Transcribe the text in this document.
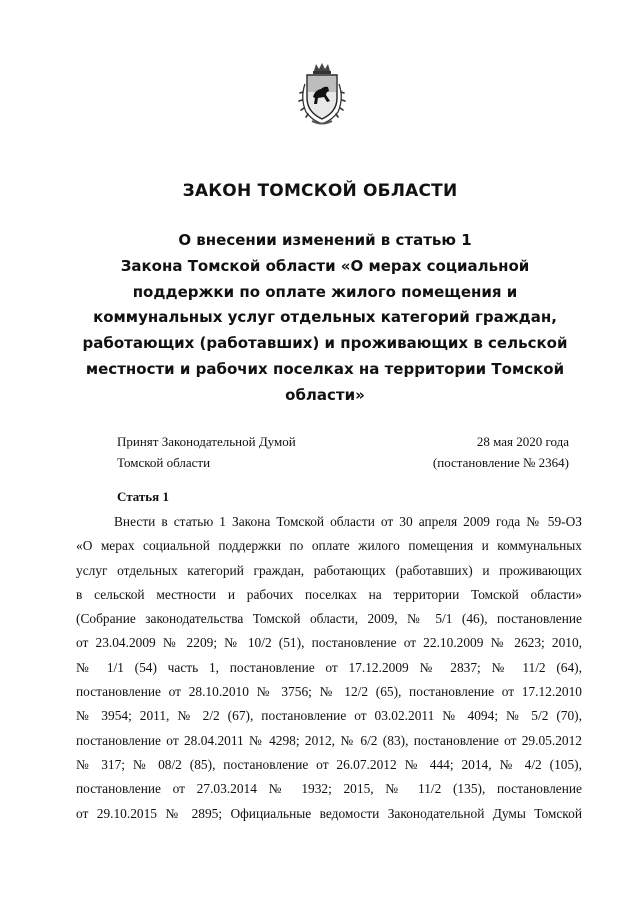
ЗАКОН ТОМСКОЙ ОБЛАСТИ
О внесении изменений в статью 1
Закона Томской области «О мерах социальной
поддержки по оплате жилого помещения и
коммунальных услуг отдельных категорий граждан,
работающих (работавших) и проживающих в сельской
местности и рабочих поселках на территории Томской
области»
Принят Законодательной Думой
Томской области
28 мая 2020 года
(постановление № 2364)
Статья 1

Внести в статью 1 Закона Томской области от 30 апреля 2009 года № 59-ОЗ
«О мерах социальной поддержки по оплате жилого помещения и коммунальных
услуг отдельных категорий граждан, работающих (работавших) и проживающих
в сельской местности и рабочих поселках на территории Томской области»
(Собрание законодательства Томской области, 2009, № 5/1 (46), постановление
от 23.04.2009 № 2209; № 10/2 (51), постановление от 22.10.2009 № 2623; 2010,
№ 1/1 (54) часть 1, постановление от 17.12.2009 № 2837; № 11/2 (64),
постановление от 28.10.2010 № 3756; № 12/2 (65), постановление от 17.12.2010
№ 3954; 2011, № 2/2 (67), постановление от 03.02.2011 № 4094; № 5/2 (70),
постановление от 28.04.2011 № 4298; 2012, № 6/2 (83), постановление от 29.05.2012
№ 317; № 08/2 (85), постановление от 26.07.2012 № 444; 2014, № 4/2 (105),
постановление от 27.03.2014 № 1932; 2015, № 11/2 (135), постановление
от 29.10.2015 № 2895; Официальные ведомости Законодательной Думы Томской
